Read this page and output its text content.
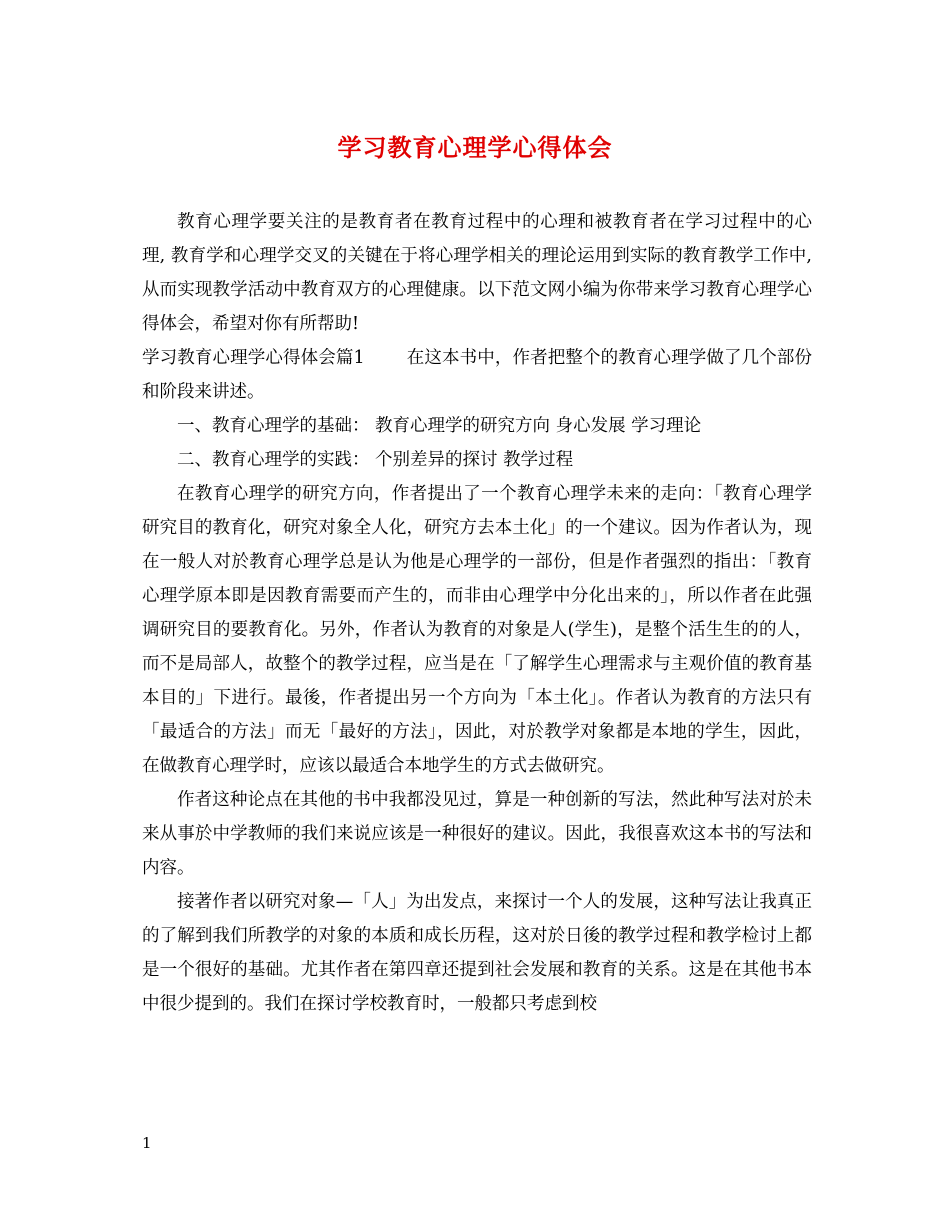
学习教育心理学心得体会

教育心理学要关注的是教育者在教育过程中的心理和被教育者在学习过程中的心理, 教育学和心理学交叉的关键在于将心理学相关的理论运用到实际的教育教学工作中, 从而实现教学活动中教育双方的心理健康。以下范文网小编为你带来学习教育心理学心得体会，希望对你有所帮助!

学习教育心理学心得体会篇1 在这本书中，作者把整个的教育心理学做了几个部份和阶段来讲述。

一、教育心理学的基础： 教育心理学的研究方向 身心发展 学习理论

二、教育心理学的实践： 个别差异的探讨 教学过程

在教育心理学的研究方向，作者提出了一个教育心理学未来的走向：「教育心理学研究目的教育化，研究对象全人化，研究方去本土化」的一个建议。因为作者认为，现在一般人对於教育心理学总是认为他是心理学的一部份，但是作者强烈的指出：「教育心理学原本即是因教育需要而产生的，而非由心理学中分化出来的」，所以作者在此强调研究目的要教育化。另外，作者认为教育的对象是人(学生)，是整个活生生的的人，而不是局部人，故整个的教学过程，应当是在「了解学生心理需求与主观价值的教育基本目的」下进行。最後，作者提出另一个方向为「本土化」。作者认为教育的方法只有「最适合的方法」而无「最好的方法」，因此，对於教学对象都是本地的学生，因此，在做教育心理学时，应该以最适合本地学生的方式去做研究。

作者这种论点在其他的书中我都没见过，算是一种创新的写法，然此种写法对於未来从事於中学教师的我们来说应该是一种很好的建议。因此，我很喜欢这本书的写法和内容。

接著作者以研究对象—「人」为出发点，来探讨一个人的发展，这种写法让我真正的了解到我们所教学的对象的本质和成长历程，这对於日後的教学过程和教学检讨上都是一个很好的基础。尤其作者在第四章还提到社会发展和教育的关系。这是在其他书本中很少提到的。我们在探讨学校教育时，一般都只考虑到校

1
